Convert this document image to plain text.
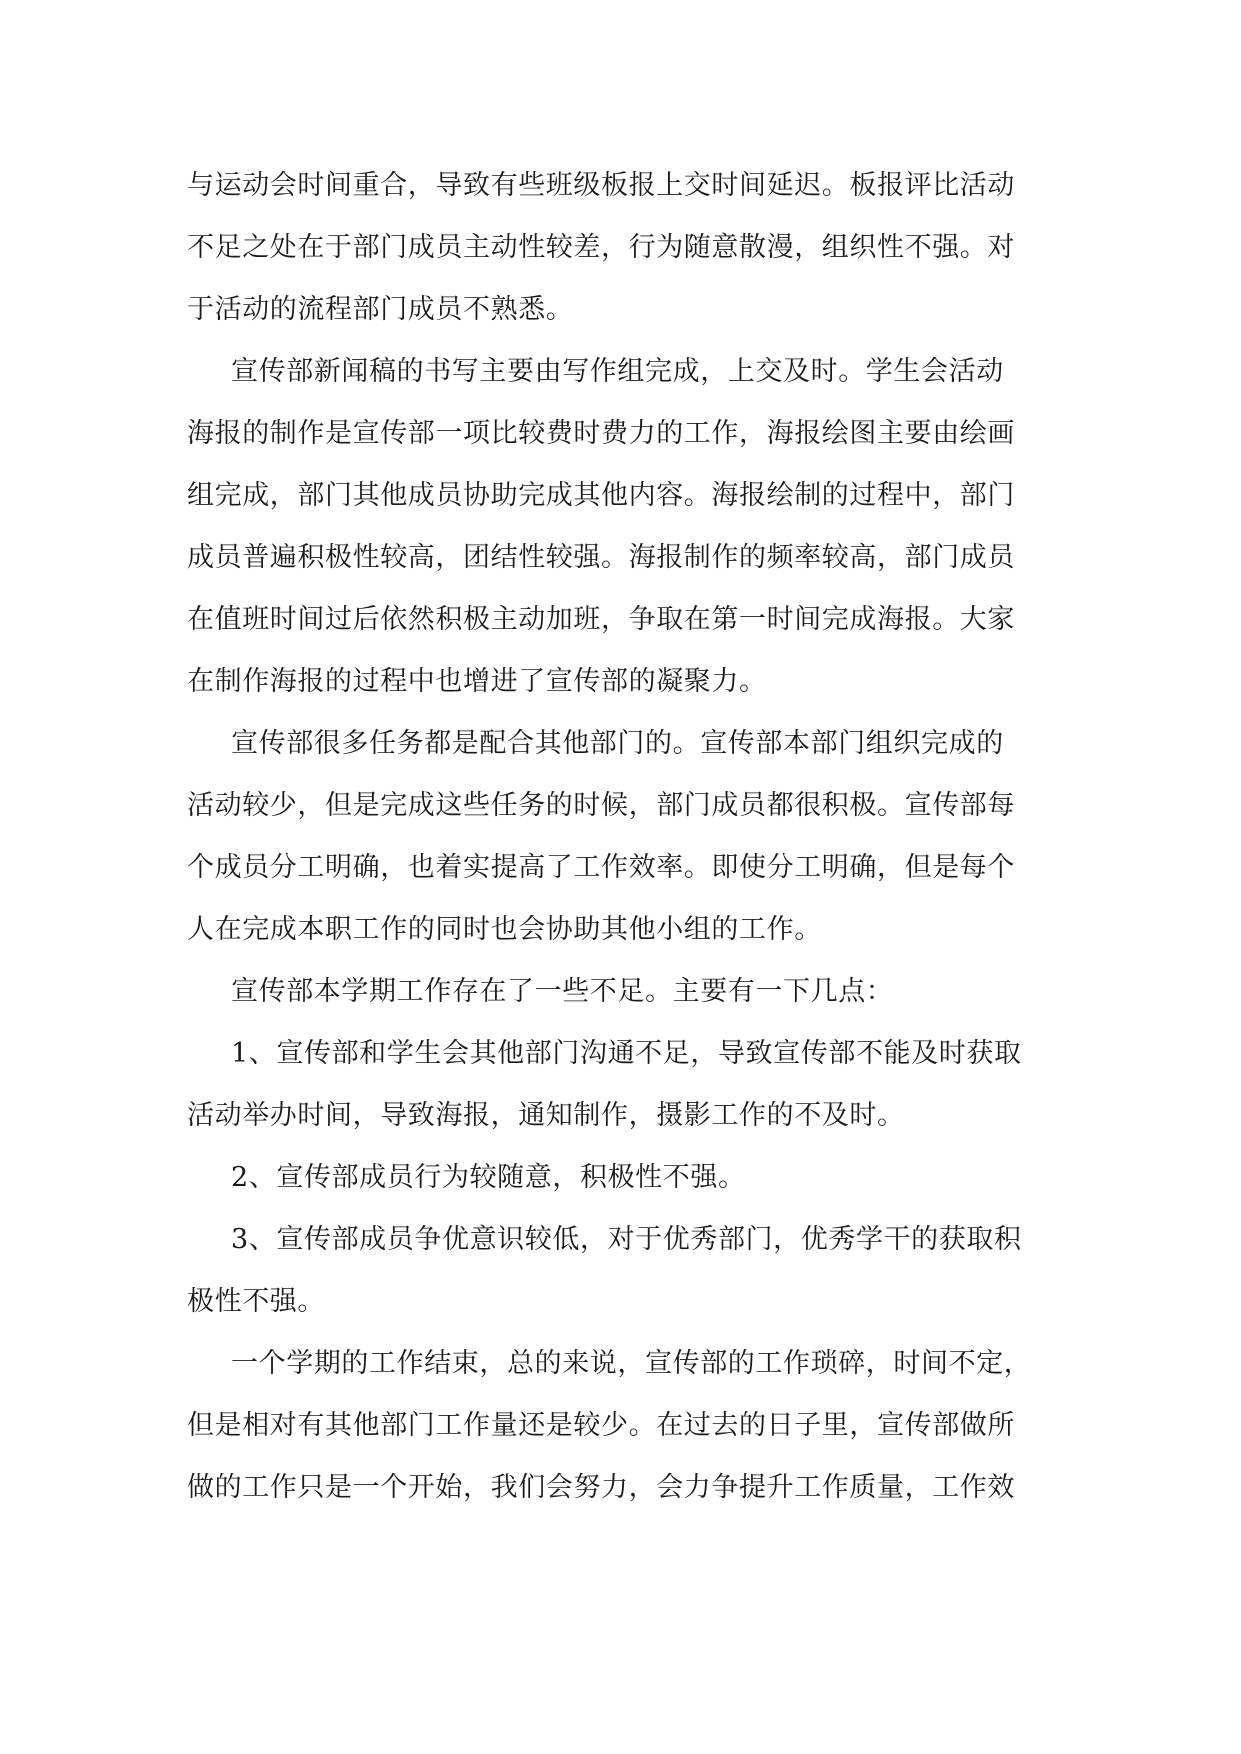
与运动会时间重合，导致有些班级板报上交时间延迟。板报评比活动
不足之处在于部门成员主动性较差，行为随意散漫，组织性不强。对
于活动的流程部门成员不熟悉。
宣传部新闻稿的书写主要由写作组完成，上交及时。学生会活动
海报的制作是宣传部一项比较费时费力的工作，海报绘图主要由绘画
组完成，部门其他成员协助完成其他内容。海报绘制的过程中，部门
成员普遍积极性较高，团结性较强。海报制作的频率较高，部门成员
在值班时间过后依然积极主动加班，争取在第一时间完成海报。大家
在制作海报的过程中也增进了宣传部的凝聚力。
宣传部很多任务都是配合其他部门的。宣传部本部门组织完成的
活动较少，但是完成这些任务的时候，部门成员都很积极。宣传部每
个成员分工明确，也着实提高了工作效率。即使分工明确，但是每个
人在完成本职工作的同时也会协助其他小组的工作。
宣传部本学期工作存在了一些不足。主要有一下几点：
1、宣传部和学生会其他部门沟通不足，导致宣传部不能及时获取
活动举办时间，导致海报，通知制作，摄影工作的不及时。
2、宣传部成员行为较随意，积极性不强。
3、宣传部成员争优意识较低，对于优秀部门，优秀学干的获取积
极性不强。
一个学期的工作结束，总的来说，宣传部的工作琐碎，时间不定，
但是相对有其他部门工作量还是较少。在过去的日子里，宣传部做所
做的工作只是一个开始，我们会努力，会力争提升工作质量，工作效
